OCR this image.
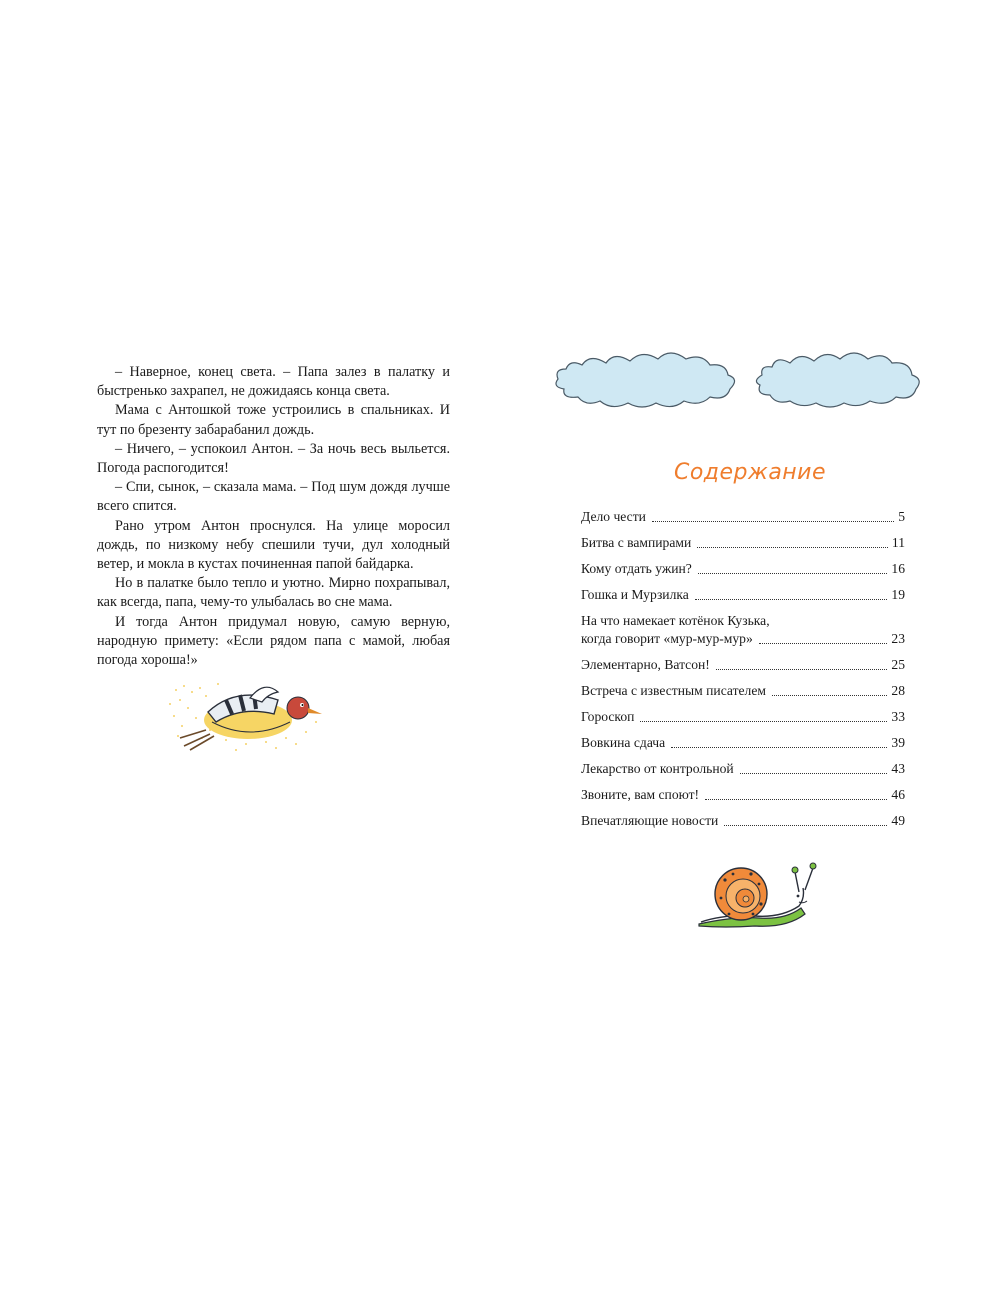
– Наверное, конец света. – Папа залез в палатку и быстренько захрапел, не дожидаясь конца света.

Мама с Антошкой тоже устроились в спальниках. И тут по брезенту забарабанил дождь.

– Ничего, – успокоил Антон. – За ночь весь выльется. Погода распогодится!

– Спи, сынок, – сказала мама. – Под шум дождя лучше всего спится.

Рано утром Антон проснулся. На улице моросил дождь, по низкому небу спешили тучи, дул холодный ветер, и мокла в кустах починенная папой байдарка.

Но в палатке было тепло и уютно. Мирно похрапывал, как всегда, папа, чему-то улыбалась во сне мама.

И тогда Антон придумал новую, самую верную, народную примету: «Если рядом папа с мамой, любая погода хороша!»

Содержание
Дело чести	5
Битва с вампирами	11
Кому отдать ужин?	16
Гошка и Мурзилка	19
На что намекает котёнок Кузька,
когда говорит «мур-мур-мур»	23
Элементарно, Ватсон!	25
Встреча с известным писателем	28
Гороскоп	33
Вовкина сдача	39
Лекарство от контрольной	43
Звоните, вам споют!	46
Впечатляющие новости	49
